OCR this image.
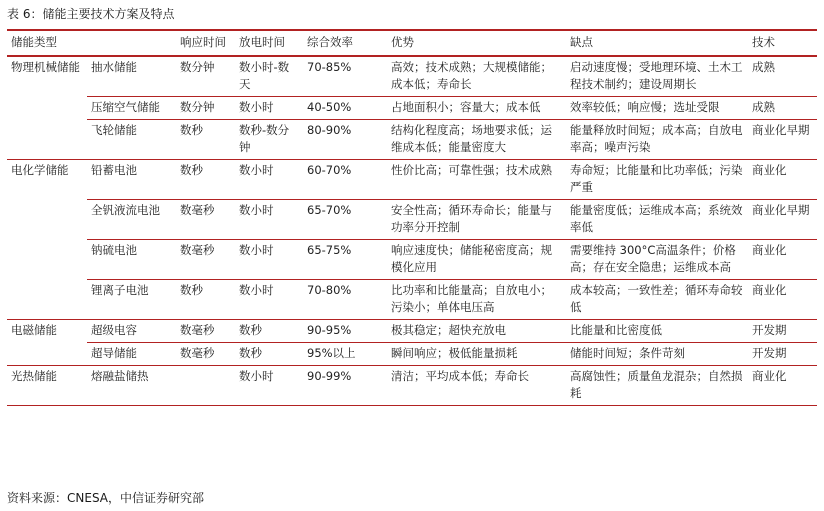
表 6：储能主要技术方案及特点
储能类型		响应时间	放电时间	综合效率	优势	缺点	技术
物理机械储能	抽水储能	数分钟	数小时-数天	70-85%	高效；技术成熟；大规模储能；成本低；寿命长	启动速度慢；受地理环境、土木工程技术制约；建设周期长	成熟
	压缩空气储能	数分钟	数小时	40-50%	占地面积小；容量大；成本低	效率较低；响应慢；选址受限	成熟
	飞轮储能	数秒	数秒-数分钟	80-90%	结构化程度高；场地要求低；运维成本低；能量密度大	能量释放时间短；成本高；自放电率高；噪声污染	商业化早期
电化学储能	铅蓄电池	数秒	数小时	60-70%	性价比高；可靠性强；技术成熟	寿命短；比能量和比功率低；污染严重	商业化
	全钒液流电池	数毫秒	数小时	65-70%	安全性高；循环寿命长；能量与功率分开控制	能量密度低；运维成本高；系统效率低	商业化早期
	钠硫电池	数毫秒	数小时	65-75%	响应速度快；储能秘密度高；规模化应用	需要维持 300°C高温条件；价格高；存在安全隐患；运维成本高	商业化
	锂离子电池	数秒	数小时	70-80%	比功率和比能量高；自放电小；污染小；单体电压高	成本较高；一致性差；循环寿命较低	商业化
电磁储能	超级电容	数毫秒	数秒	90-95%	极其稳定；超快充放电	比能量和比密度低	开发期
	超导储能	数毫秒	数秒	95%以上	瞬间响应；极低能量损耗	储能时间短；条件苛刻	开发期
光热储能	熔融盐储热		数小时	90-99%	清洁；平均成本低；寿命长	高腐蚀性；质量鱼龙混杂；自然损耗	商业化
资料来源：CNESA，中信证券研究部
